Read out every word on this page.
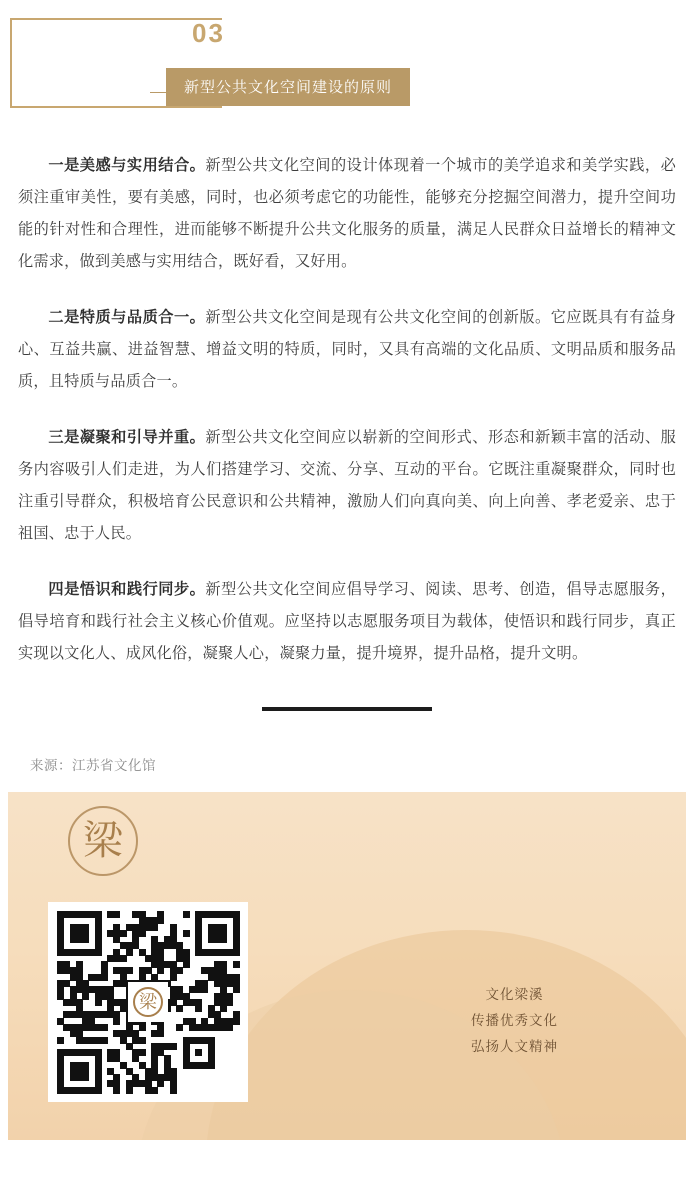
03
新型公共文化空间建设的原则

一是美感与实用结合。新型公共文化空间的设计体现着一个城市的美学追求和美学实践，必须注重审美性，要有美感，同时，也必须考虑它的功能性，能够充分挖掘空间潜力，提升空间功能的针对性和合理性，进而能够不断提升公共文化服务的质量，满足人民群众日益增长的精神文化需求，做到美感与实用结合，既好看，又好用。

二是特质与品质合一。新型公共文化空间是现有公共文化空间的创新版。它应既具有有益身心、互益共赢、进益智慧、增益文明的特质，同时，又具有高端的文化品质、文明品质和服务品质，且特质与品质合一。

三是凝聚和引导并重。新型公共文化空间应以崭新的空间形式、形态和新颖丰富的活动、服务内容吸引人们走进，为人们搭建学习、交流、分享、互动的平台。它既注重凝聚群众，同时也注重引导群众，积极培育公民意识和公共精神，激励人们向真向美、向上向善、孝老爱亲、忠于祖国、忠于人民。

四是悟识和践行同步。新型公共文化空间应倡导学习、阅读、思考、创造，倡导志愿服务，倡导培育和践行社会主义核心价值观。应坚持以志愿服务项目为载体，使悟识和践行同步，真正实现以文化人、成风化俗，凝聚人心，凝聚力量，提升境界，提升品格，提升文明。

来源：江苏省文化馆
梁
梁	文化梁溪
传播优秀文化
弘扬人文精神
